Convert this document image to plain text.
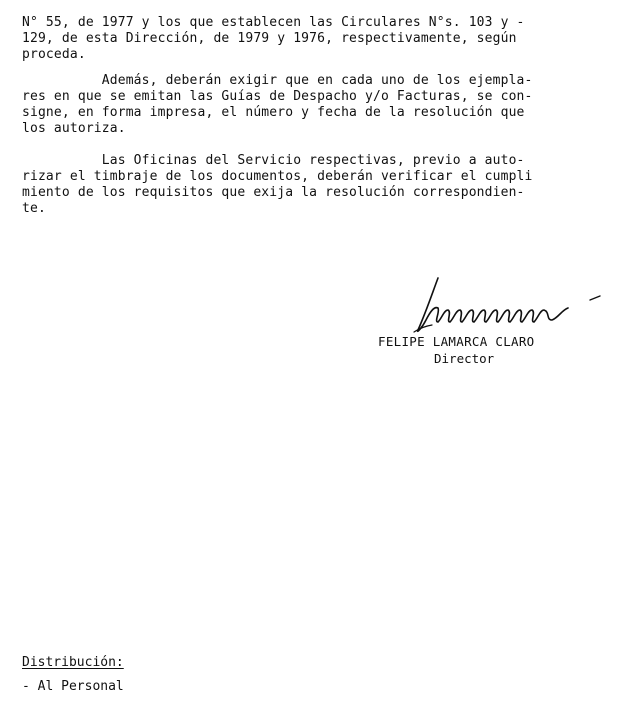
N° 55, de 1977 y los que establecen las Circulares N°s. 103 y -
129, de esta Dirección, de 1979 y 1976, respectivamente, según
proceda.
Además, deberán exigir que en cada uno de los ejempla-
res en que se emitan las Guías de Despacho y/o Facturas, se con-
signe, en forma impresa, el número y fecha de la resolución que
los autoriza.
Las Oficinas del Servicio respectivas, previo a auto-
rizar el timbraje de los documentos, deberán verificar el cumpli
miento de los requisitos que exija la resolución correspondien-
te.
FELIPE LAMARCA CLARO
Director
Distribución:
- Al Personal
